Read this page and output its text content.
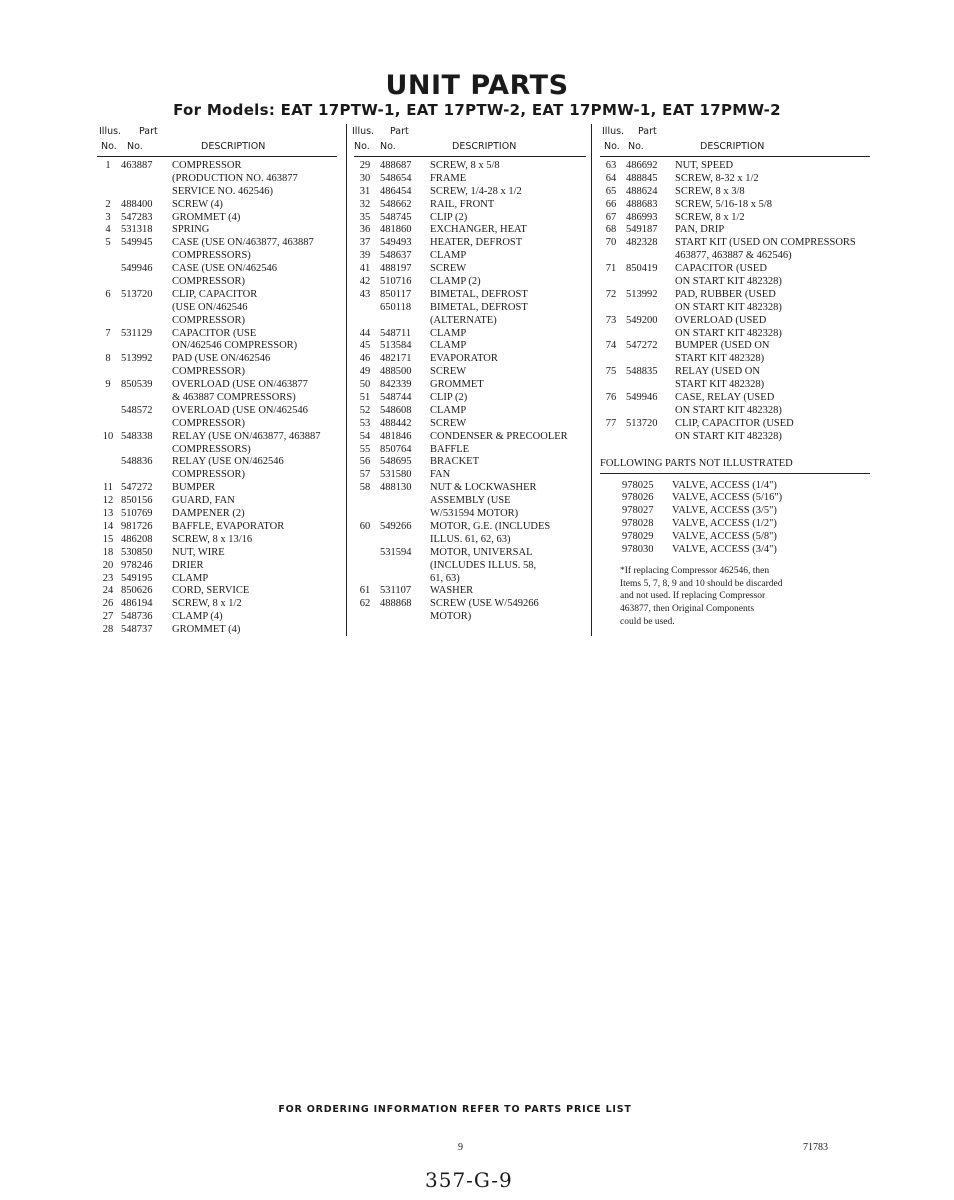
UNIT PARTS
For Models: EAT 17PTW-1, EAT 17PTW-2, EAT 17PMW-1, EAT 17PMW-2
Illus.
No.
Part
No.	DESCRIPTION
1 463887 COMPRESSOR
(PRODUCTION NO. 463877
SERVICE NO. 462546)
2 488400 SCREW (4)
3 547283 GROMMET (4)
4 531318 SPRING
5 549945 CASE (USE ON/463877, 463887
COMPRESSORS)
549946 CASE (USE ON/462546
COMPRESSOR)
6 513720 CLIP, CAPACITOR
(USE ON/462546
COMPRESSOR)
7 531129 CAPACITOR (USE
ON/462546 COMPRESSOR)
8 513992 PAD (USE ON/462546
COMPRESSOR)
9 850539 OVERLOAD (USE ON/463877
& 463887 COMPRESSORS)
548572 OVERLOAD (USE ON/462546
COMPRESSOR)
10 548338 RELAY (USE ON/463877, 463887
COMPRESSORS)
548836 RELAY (USE ON/462546
COMPRESSOR)
11 547272 BUMPER
12 850156 GUARD, FAN
13 510769 DAMPENER (2)
14 981726 BAFFLE, EVAPORATOR
15 486208 SCREW, 8 x 13/16
18 530850 NUT, WIRE
20 978246 DRIER
23 549195 CLAMP
24 850626 CORD, SERVICE
26 486194 SCREW, 8 x 1/2
27 548736 CLAMP (4)
28 548737 GROMMET (4)
Illus.
No.
Part
No.	DESCRIPTION
29 488687 SCREW, 8 x 5/8
30 548654 FRAME
31 486454 SCREW, 1/4-28 x 1/2
32 548662 RAIL, FRONT
35 548745 CLIP (2)
36 481860 EXCHANGER, HEAT
37 549493 HEATER, DEFROST
39 548637 CLAMP
41 488197 SCREW
42 510716 CLAMP (2)
43 850117 BIMETAL, DEFROST
650118 BIMETAL, DEFROST
(ALTERNATE)
44 548711 CLAMP
45 513584 CLAMP
46 482171 EVAPORATOR
49 488500 SCREW
50 842339 GROMMET
51 548744 CLIP (2)
52 548608 CLAMP
53 488442 SCREW
54 481846 CONDENSER & PRECOOLER
55 850764 BAFFLE
56 548695 BRACKET
57 531580 FAN
58 488130 NUT & LOCKWASHER
ASSEMBLY (USE
W/531594 MOTOR)
60 549266 MOTOR, G.E. (INCLUDES
ILLUS. 61, 62, 63)
531594 MOTOR, UNIVERSAL
(INCLUDES ILLUS. 58,
61, 63)
61 531107 WASHER
62 488868 SCREW (USE W/549266
MOTOR)
Illus.
No.
Part
No.	DESCRIPTION
63 486692 NUT, SPEED
64 488845 SCREW, 8-32 x 1/2
65 488624 SCREW, 8 x 3/8
66 488683 SCREW, 5/16-18 x 5/8
67 486993 SCREW, 8 x 1/2
68 549187 PAN, DRIP
70 482328 START KIT (USED ON COMPRESSORS
463877, 463887 & 462546)
71 850419 CAPACITOR (USED
ON START KIT 482328)
72 513992 PAD, RUBBER (USED
ON START KIT 482328)
73 549200 OVERLOAD (USED
ON START KIT 482328)
74 547272 BUMPER (USED ON
START KIT 482328)
75 548835 RELAY (USED ON
START KIT 482328)
76 549946 CASE, RELAY (USED
ON START KIT 482328)
77 513720 CLIP, CAPACITOR (USED
ON START KIT 482328)
FOLLOWING PARTS NOT ILLUSTRATED
978025 VALVE, ACCESS (1/4")
978026 VALVE, ACCESS (5/16")
978027 VALVE, ACCESS (3/5")
978028 VALVE, ACCESS (1/2")
978029 VALVE, ACCESS (5/8")
978030 VALVE, ACCESS (3/4")
*If replacing Compressor 462546, then
Items 5, 7, 8, 9 and 10 should be discarded
and not used. If replacing Compressor
463877, then Original Components
could be used.
FOR ORDERING INFORMATION REFER TO PARTS PRICE LIST
9	71783
357-G-9
